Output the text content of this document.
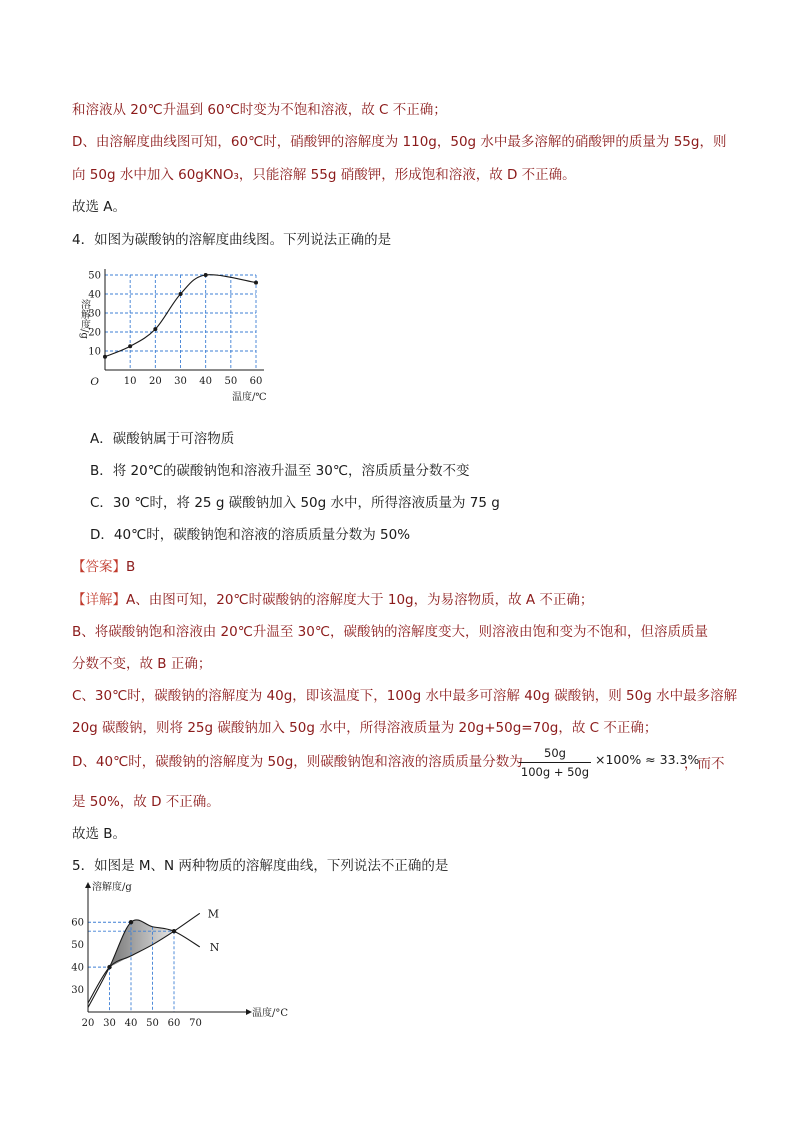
和溶液从 20℃升温到 60℃时变为不饱和溶液，故 C 不正确；
D、由溶解度曲线图可知，60℃时，硝酸钾的溶解度为 110g，50g 水中最多溶解的硝酸钾的质量为 55g，则
向 50g 水中加入 60gKNO₃，只能溶解 55g 硝酸钾，形成饱和溶液，故 D 不正确。
故选 A。
4．如图为碳酸钠的溶解度曲线图。下列说法正确的是
10 20 30 40 50 60
10
20
30
40
50
O
温度/℃
溶解度/g
A．碳酸钠属于可溶物质
B．将 20℃的碳酸钠饱和溶液升温至 30℃，溶质质量分数不变
C．30 ℃时，将 25 g 碳酸钠加入 50g 水中，所得溶液质量为 75 g
D．40℃时，碳酸钠饱和溶液的溶质质量分数为 50%
【答案】B
【详解】A、由图可知，20℃时碳酸钠的溶解度大于 10g，为易溶物质，故 A 不正确；
B、将碳酸钠饱和溶液由 20℃升温至 30℃，碳酸钠的溶解度变大，则溶液由饱和变为不饱和，但溶质质量
分数不变，故 B 正确；
C、30℃时，碳酸钠的溶解度为 40g，即该温度下，100g 水中最多可溶解 40g 碳酸钠，则 50g 水中最多溶解
20g 碳酸钠，则将 25g 碳酸钠加入 50g 水中，所得溶液质量为 20g+50g=70g，故 C 不正确；
D、40℃时，碳酸钠的溶解度为 50g，则碳酸钠饱和溶液的溶质质量分数为
50g
100g + 50g
×100% ≈ 33.3%
，而不
是 50%，故 D 不正确。
故选 B。
5．如图是 M、N 两种物质的溶解度曲线，下列说法不正确的是
20 30 40 50 60 70
30
40
50
60
溶解度/g
温度/°C
M
N
